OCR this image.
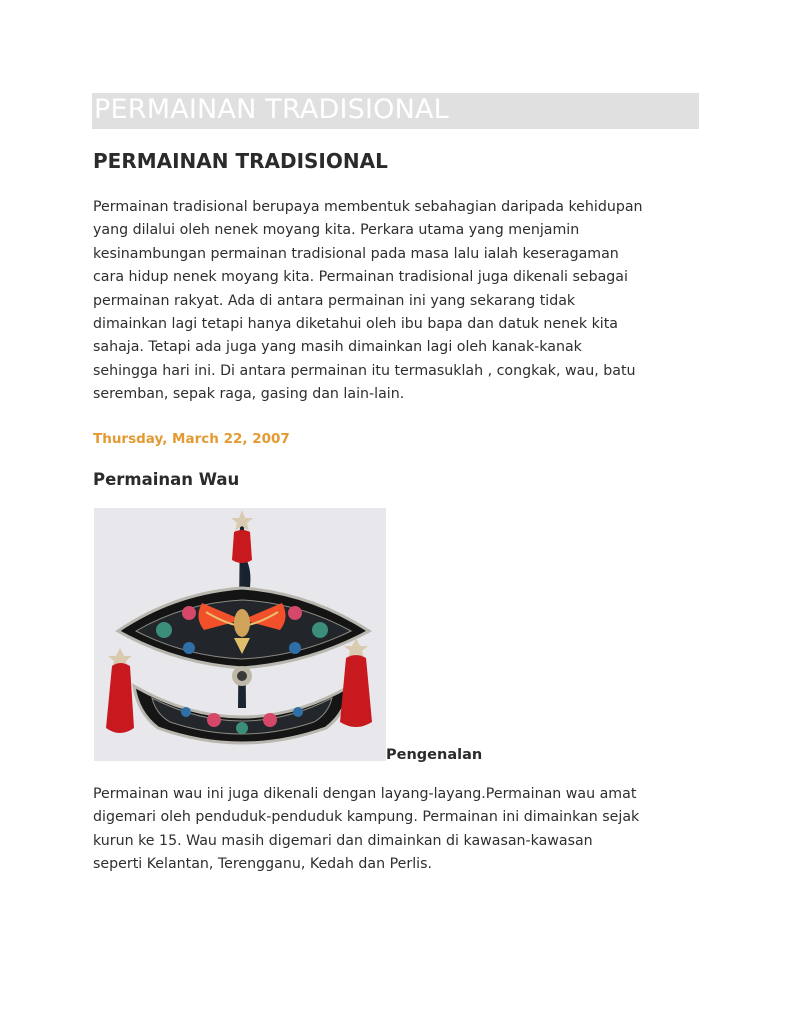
PERMAINAN TRADISIONAL
PERMAINAN TRADISIONAL

Permainan tradisional berupaya membentuk sebahagian daripada kehidupan
yang dilalui oleh nenek moyang kita. Perkara utama yang menjamin
kesinambungan permainan tradisional pada masa lalu ialah keseragaman
cara hidup nenek moyang kita. Permainan tradisional juga dikenali sebagai
permainan rakyat. Ada di antara permainan ini yang sekarang tidak
dimainkan lagi tetapi hanya diketahui oleh ibu bapa dan datuk nenek kita
sahaja. Tetapi ada juga yang masih dimainkan lagi oleh kanak-kanak
sehingga hari ini. Di antara permainan itu termasuklah , congkak, wau, batu
seremban, sepak raga, gasing dan lain-lain.

Thursday, March 22, 2007
Permainan Wau
Pengenalan

Permainan wau ini juga dikenali dengan layang-layang.Permainan wau amat
digemari oleh penduduk-penduduk kampung. Permainan ini dimainkan sejak
kurun ke 15. Wau masih digemari dan dimainkan di kawasan-kawasan
seperti Kelantan, Terengganu, Kedah dan Perlis.
